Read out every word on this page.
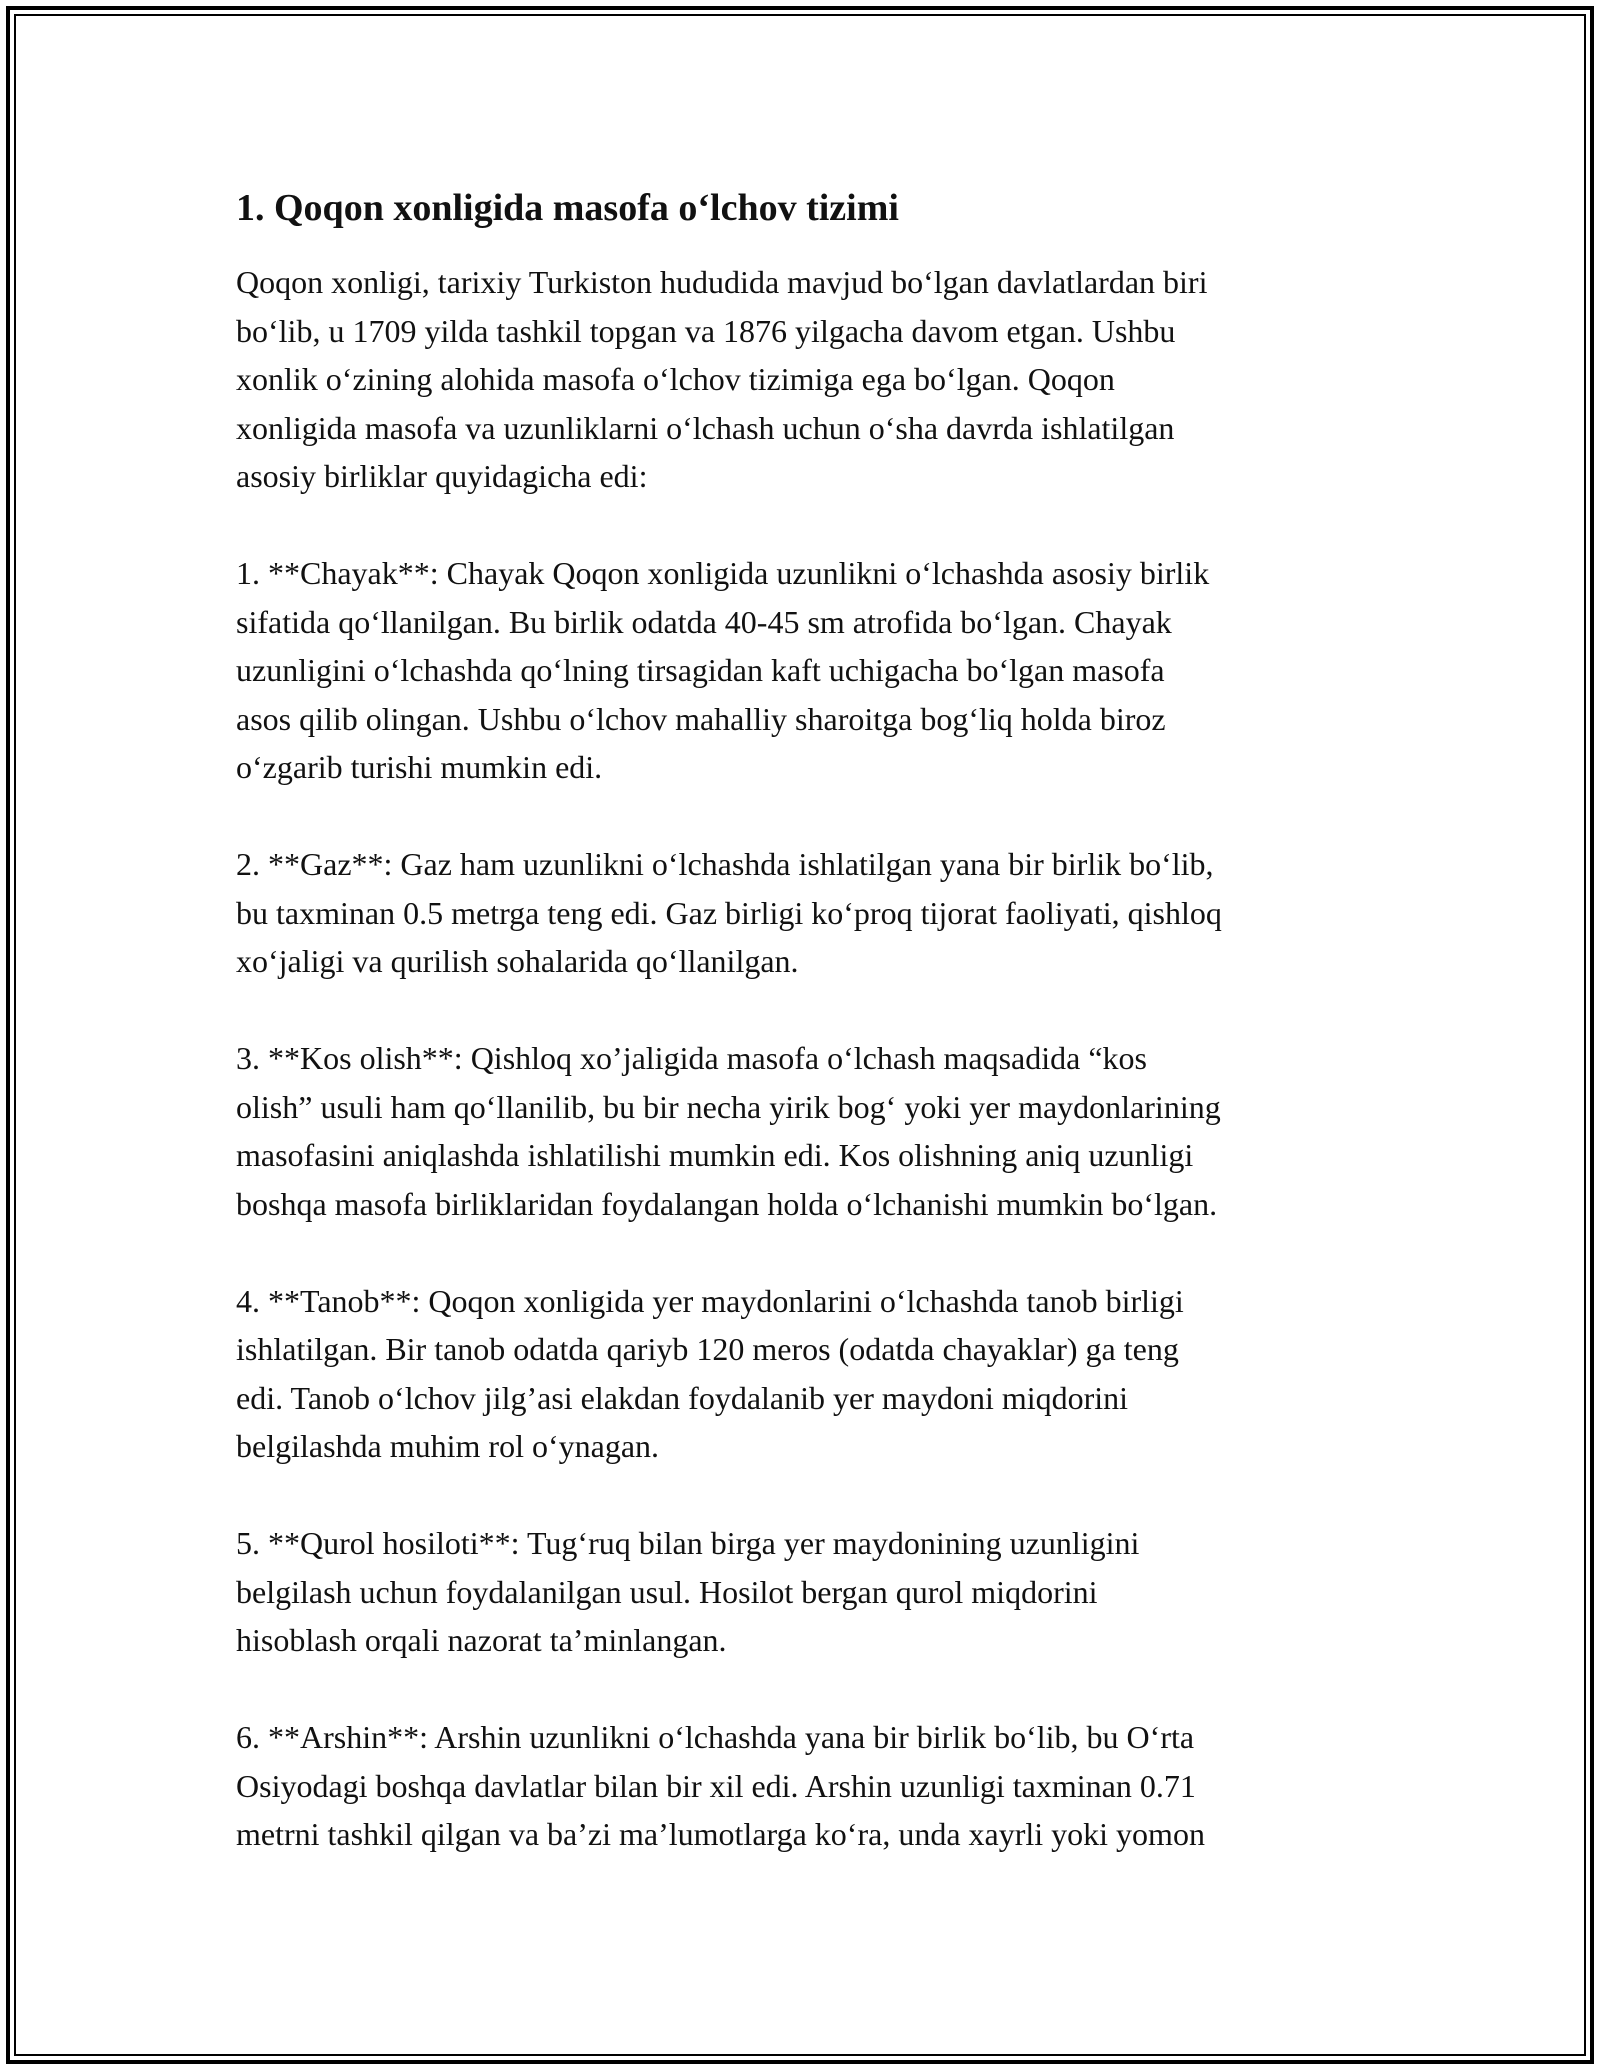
1. Qoqon xonligida masofa o‘lchov tizimi
Qoqon xonligi, tarixiy Turkiston hududida mavjud bo‘lgan davlatlardan biri
bo‘lib, u 1709 yilda tashkil topgan va 1876 yilgacha davom etgan. Ushbu
xonlik o‘zining alohida masofa o‘lchov tizimiga ega bo‘lgan. Qoqon
xonligida masofa va uzunliklarni o‘lchash uchun o‘sha davrda ishlatilgan
asosiy birliklar quyidagicha edi:
1. **Chayak**: Chayak Qoqon xonligida uzunlikni o‘lchashda asosiy birlik
sifatida qo‘llanilgan. Bu birlik odatda 40-45 sm atrofida bo‘lgan. Chayak
uzunligini o‘lchashda qo‘lning tirsagidan kaft uchigacha bo‘lgan masofa
asos qilib olingan. Ushbu o‘lchov mahalliy sharoitga bog‘liq holda biroz
o‘zgarib turishi mumkin edi.
2. **Gaz**: Gaz ham uzunlikni o‘lchashda ishlatilgan yana bir birlik bo‘lib,
bu taxminan 0.5 metrga teng edi. Gaz birligi ko‘proq tijorat faoliyati, qishloq
xo‘jaligi va qurilish sohalarida qo‘llanilgan.
3. **Kos olish**: Qishloq xo’jaligida masofa o‘lchash maqsadida “kos
olish” usuli ham qo‘llanilib, bu bir necha yirik bog‘ yoki yer maydonlarining
masofasini aniqlashda ishlatilishi mumkin edi. Kos olishning aniq uzunligi
boshqa masofa birliklaridan foydalangan holda o‘lchanishi mumkin bo‘lgan.
4. **Tanob**: Qoqon xonligida yer maydonlarini o‘lchashda tanob birligi
ishlatilgan. Bir tanob odatda qariyb 120 meros (odatda chayaklar) ga teng
edi. Tanob o‘lchov jilg’asi elakdan foydalanib yer maydoni miqdorini
belgilashda muhim rol o‘ynagan.
5. **Qurol hosiloti**: Tug‘ruq bilan birga yer maydonining uzunligini
belgilash uchun foydalanilgan usul. Hosilot bergan qurol miqdorini
hisoblash orqali nazorat ta’minlangan.
6. **Arshin**: Arshin uzunlikni o‘lchashda yana bir birlik bo‘lib, bu O‘rta
Osiyodagi boshqa davlatlar bilan bir xil edi. Arshin uzunligi taxminan 0.71
metrni tashkil qilgan va ba’zi ma’lumotlarga ko‘ra, unda xayrli yoki yomon
